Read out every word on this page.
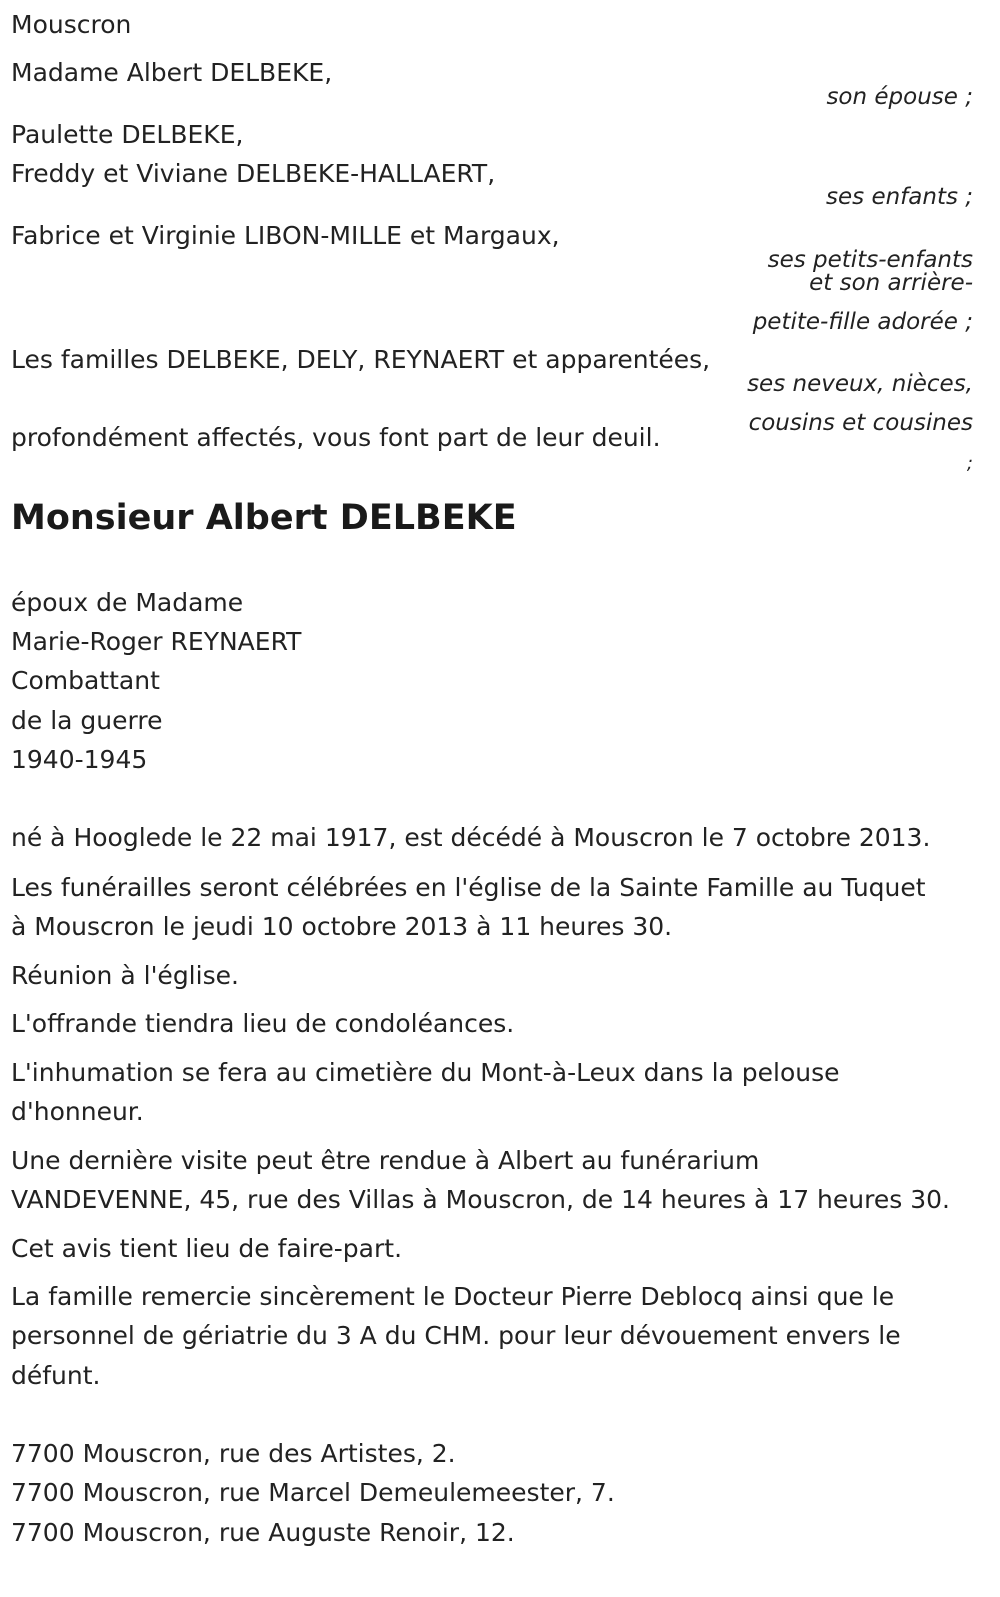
Mouscron
Madame Albert DELBEKE,
son épouse ;
Paulette DELBEKE,
Freddy et Viviane DELBEKE-HALLAERT,
ses enfants ;
Fabrice et Virginie LIBON-MILLE et Margaux,
ses petits-enfants
et son arrière-
petite-fille adorée ;
Les familles DELBEKE, DELY, REYNAERT et apparentées,
ses neveux, nièces,
cousins et cousines
;
profondément affectés, vous font part de leur deuil.
Monsieur Albert DELBEKE
époux de Madame
Marie-Roger REYNAERT
Combattant
de la guerre
1940-1945
né à Hooglede le 22 mai 1917, est décédé à Mouscron le 7 octobre 2013.
Les funérailles seront célébrées en l'église de la Sainte Famille au Tuquet
à Mouscron le jeudi 10 octobre 2013 à 11 heures 30.
Réunion à l'église.
L'offrande tiendra lieu de condoléances.
L'inhumation se fera au cimetière du Mont-à-Leux dans la pelouse
d'honneur.
Une dernière visite peut être rendue à Albert au funérarium
VANDEVENNE, 45, rue des Villas à Mouscron, de 14 heures à 17 heures 30.
Cet avis tient lieu de faire-part.
La famille remercie sincèrement le Docteur Pierre Deblocq ainsi que le
personnel de gériatrie du 3 A du CHM. pour leur dévouement envers le
défunt.
7700 Mouscron, rue des Artistes, 2.
7700 Mouscron, rue Marcel Demeulemeester, 7.
7700 Mouscron, rue Auguste Renoir, 12.
